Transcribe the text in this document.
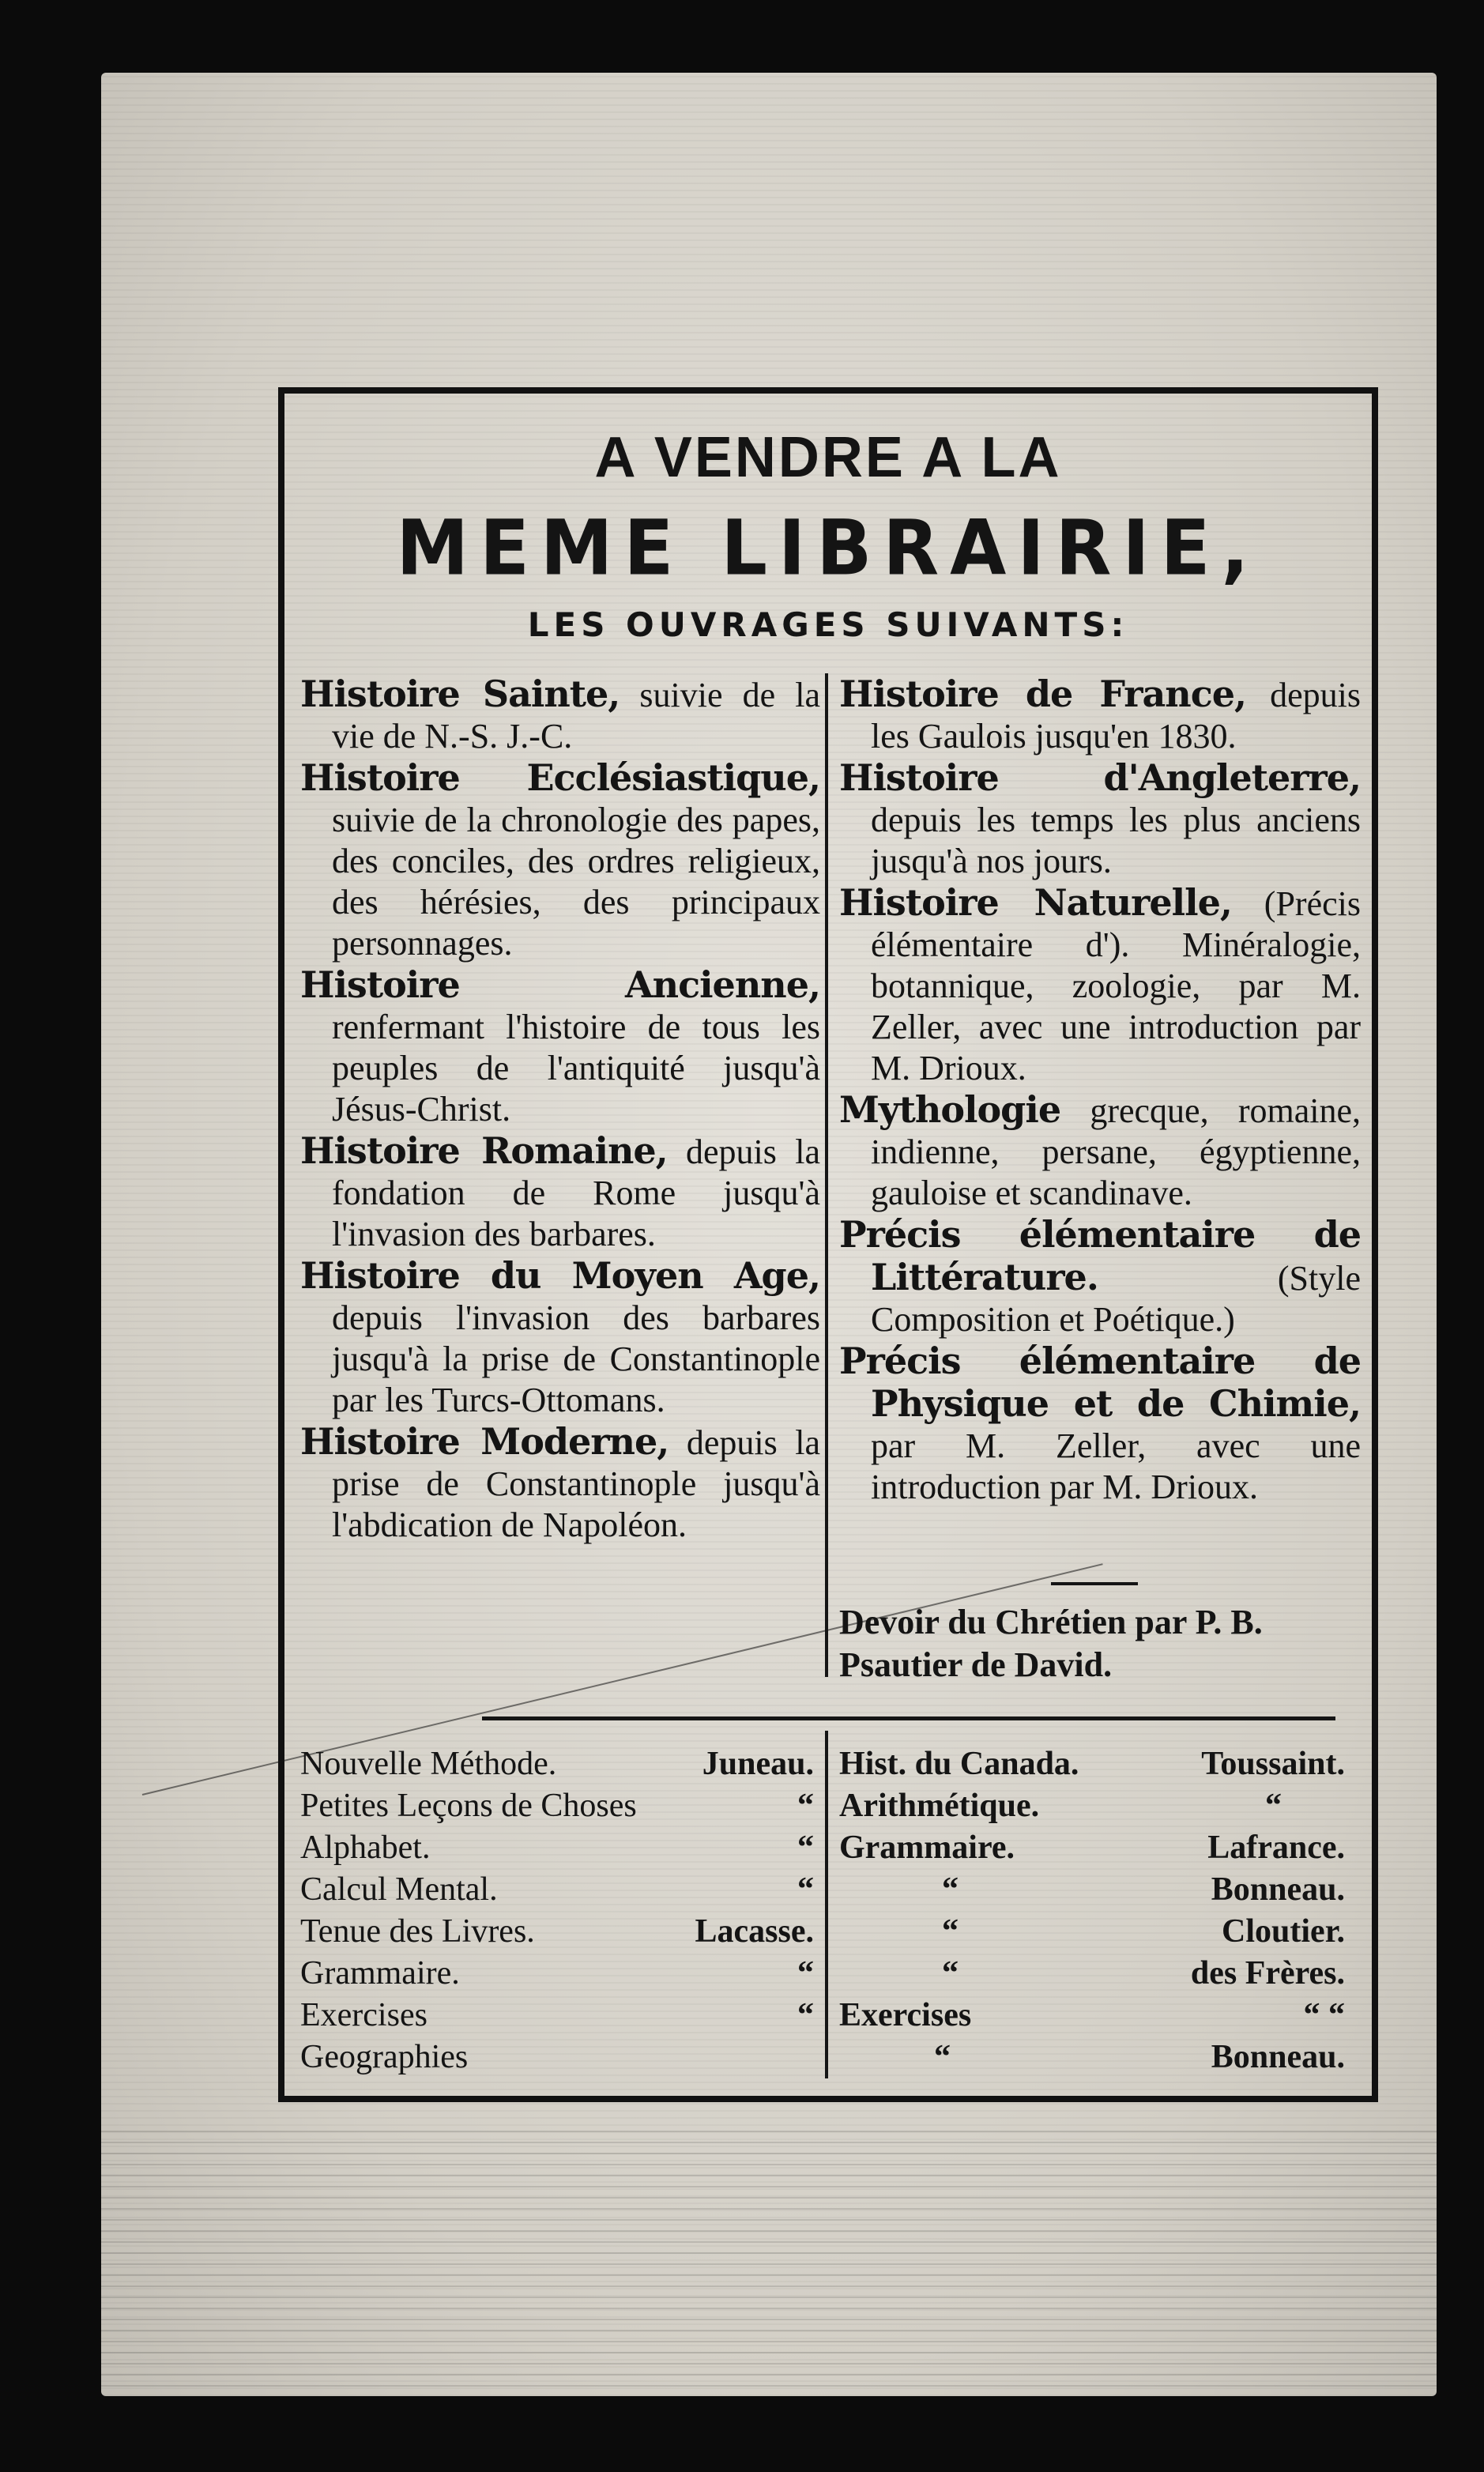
A VENDRE A LA
MEME LIBRAIRIE,
LES OUVRAGES SUIVANTS:
Histoire Sainte, suivie de la vie de N.-S. J.-C.
Histoire Ecclésiastique, suivie de la chronologie des papes, des conciles, des ordres religieux, des hérésies, des principaux personnages.
Histoire Ancienne, renfermant l'histoire de tous les peuples de l'antiquité jusqu'à Jésus-Christ.
Histoire Romaine, depuis la fondation de Rome jusqu'à l'invasion des barbares.
Histoire du Moyen Age, depuis l'invasion des barbares jusqu'à la prise de Constantinople par les Turcs-Ottomans.
Histoire Moderne, depuis la prise de Constantinople jusqu'à l'abdication de Napoléon.
Histoire de France, depuis les Gaulois jusqu'en 1830.
Histoire d'Angleterre, depuis les temps les plus anciens jusqu'à nos jours.
Histoire Naturelle, (Précis élémentaire d'). Minéralogie, botannique, zoologie, par M. Zeller, avec une introduction par M. Drioux.
Mythologie grecque, romaine, indienne, persane, égyptienne, gauloise et scandinave.
Précis élémentaire de Littérature. (Style Composition et Poétique.)
Précis élémentaire de Physique et de Chimie, par M. Zeller, avec une introduction par M. Drioux.
Devoir du Chrétien par P. B.
Psautier de David.
Nouvelle Méthode.	Juneau.
Petites Leçons de Choses	“
Alphabet.	“
Calcul Mental.	“
Tenue des Livres.	Lacasse.
Grammaire.	“
Exercises	“
Geographies
Hist. du Canada.	Toussaint.
Arithmétique.	“
Grammaire.	Lafrance.
“	Bonneau.
“	Cloutier.
“	des Frères.
Exercises	“ “
“	Bonneau.
